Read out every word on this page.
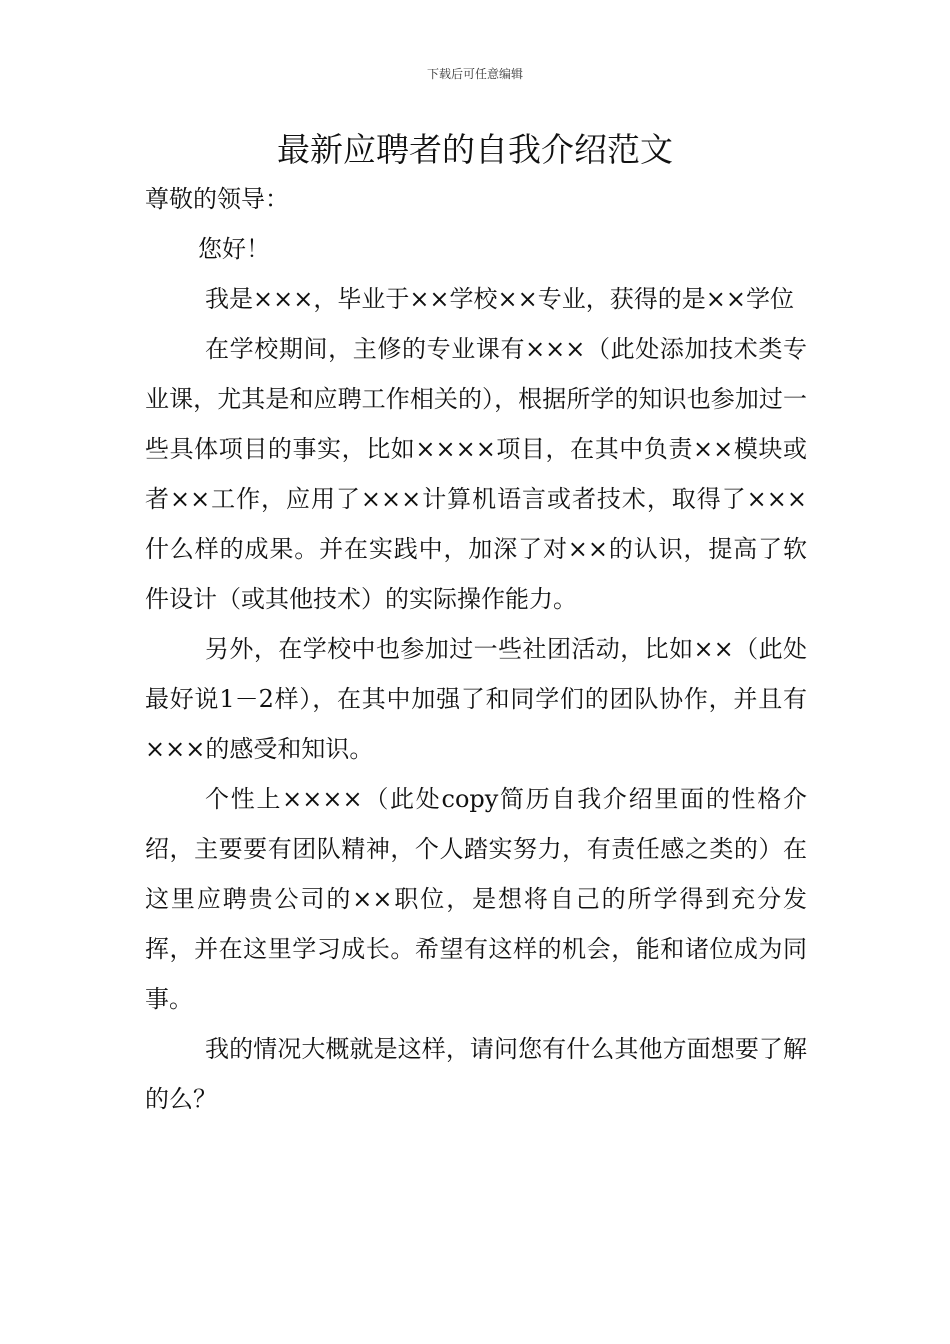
下载后可任意编辑
最新应聘者的自我介绍范文

尊敬的领导：

您好！

我是×××，毕业于××学校××专业，获得的是××学位

在学校期间，主修的专业课有×××（此处添加技术类专业课，尤其是和应聘工作相关的），根据所学的知识也参加过一些具体项目的事实，比如××××项目，在其中负责××模块或者××工作，应用了×××计算机语言或者技术，取得了×××什么样的成果。并在实践中，加深了对××的认识，提高了软件设计（或其他技术）的实际操作能力。

另外，在学校中也参加过一些社团活动，比如××（此处最好说1－2样），在其中加强了和同学们的团队协作，并且有×××的感受和知识。

个性上××××（此处copy简历自我介绍里面的性格介绍，主要要有团队精神，个人踏实努力，有责任感之类的）在这里应聘贵公司的××职位，是想将自己的所学得到充分发挥，并在这里学习成长。希望有这样的机会，能和诸位成为同事。

我的情况大概就是这样，请问您有什么其他方面想要了解的么？
